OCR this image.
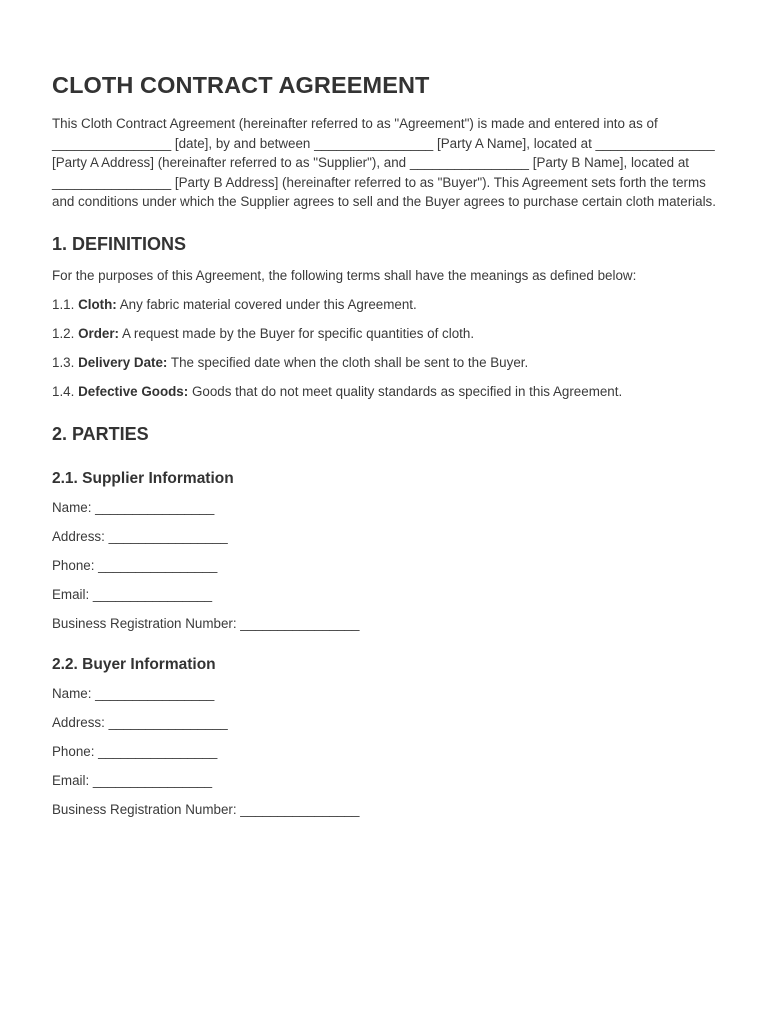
CLOTH CONTRACT AGREEMENT

This Cloth Contract Agreement (hereinafter referred to as "Agreement") is made and entered into as of ________________ [date], by and between ________________ [Party A Name], located at ________________ [Party A Address] (hereinafter referred to as "Supplier"), and ________________ [Party B Name], located at ________________ [Party B Address] (hereinafter referred to as "Buyer"). This Agreement sets forth the terms and conditions under which the Supplier agrees to sell and the Buyer agrees to purchase certain cloth materials.

1. DEFINITIONS

For the purposes of this Agreement, the following terms shall have the meanings as defined below:

1.1. Cloth: Any fabric material covered under this Agreement.

1.2. Order: A request made by the Buyer for specific quantities of cloth.

1.3. Delivery Date: The specified date when the cloth shall be sent to the Buyer.

1.4. Defective Goods: Goods that do not meet quality standards as specified in this Agreement.

2. PARTIES
2.1. Supplier Information

Name: ________________

Address: ________________

Phone: ________________

Email: ________________

Business Registration Number: ________________

2.2. Buyer Information

Name: ________________

Address: ________________

Phone: ________________

Email: ________________

Business Registration Number: ________________
